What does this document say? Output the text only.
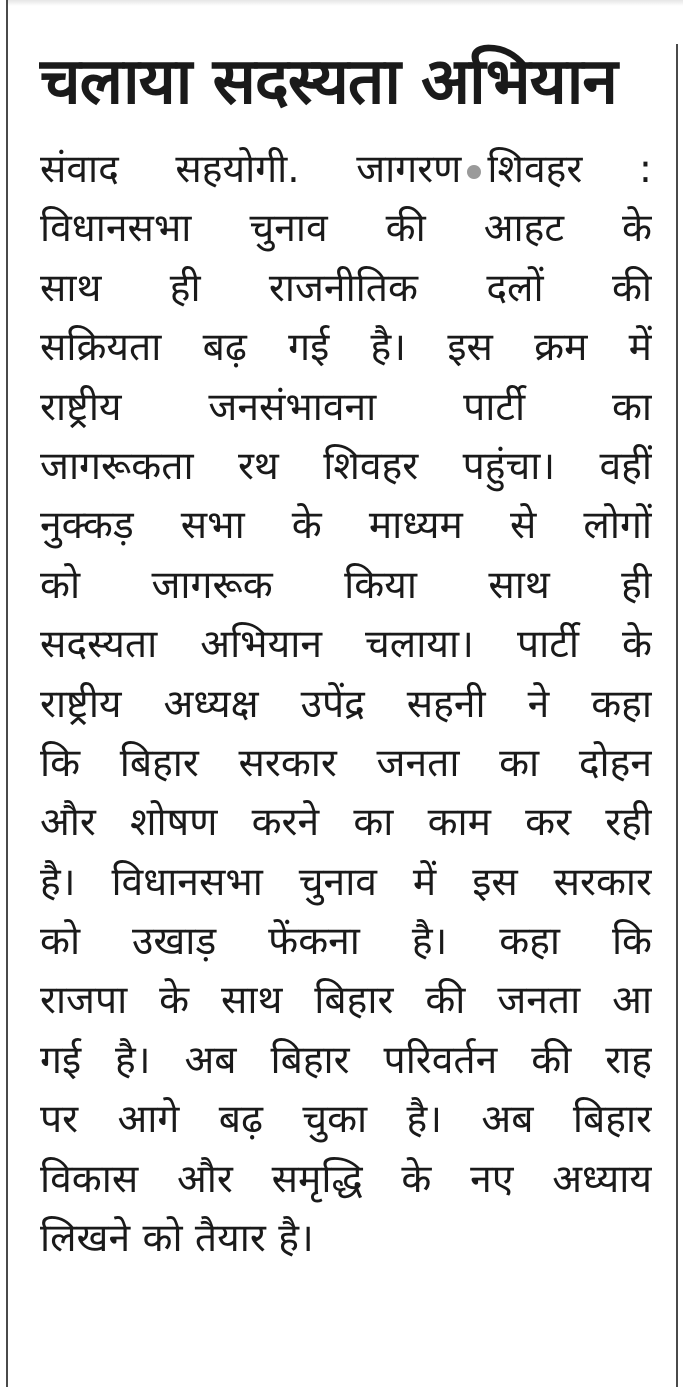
चलाया सदस्यता अभियान
संवाद सहयोगी. जागरण शिवहर :
विधानसभा चुनाव की आहट के
साथ ही राजनीतिक दलों की
सक्रियता बढ़ गई है। इस क्रम में
राष्ट्रीय जनसंभावना पार्टी का
जागरूकता रथ शिवहर पहुंचा। वहीं
नुक्कड़ सभा के माध्यम से लोगों
को जागरूक किया साथ ही
सदस्यता अभियान चलाया। पार्टी के
राष्ट्रीय अध्यक्ष उपेंद्र सहनी ने कहा
कि बिहार सरकार जनता का दोहन
और शोषण करने का काम कर रही
है। विधानसभा चुनाव में इस सरकार
को उखाड़ फेंकना है। कहा कि
राजपा के साथ बिहार की जनता आ
गई है। अब बिहार परिवर्तन की राह
पर आगे बढ़ चुका है। अब बिहार
विकास और समृद्धि के नए अध्याय
लिखने को तैयार है।
